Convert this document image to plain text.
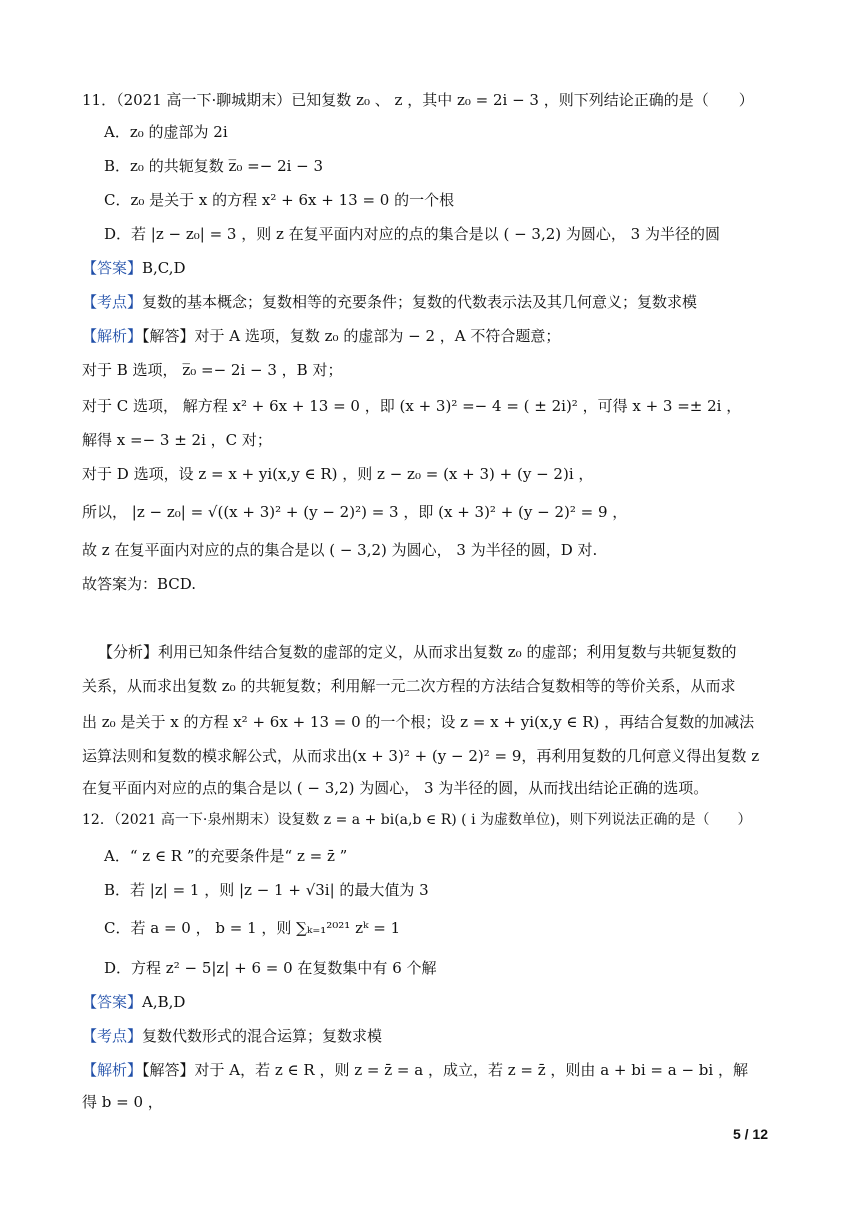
11．（2021 高一下·聊城期末）已知复数 z₀ 、 z ，其中 z₀ = 2i − 3 ，则下列结论正确的是（　　）
A．z₀ 的虚部为 2i
B．z₀ 的共轭复数 z̅₀ =− 2i − 3
C．z₀ 是关于 x 的方程 x² + 6x + 13 = 0 的一个根
D．若 |z − z₀| = 3 ，则 z 在复平面内对应的点的集合是以 ( − 3,2) 为圆心， 3 为半径的圆
【答案】B,C,D
【考点】复数的基本概念；复数相等的充要条件；复数的代数表示法及其几何意义；复数求模
【解析】【解答】对于 A 选项，复数 z₀ 的虚部为 − 2 ，A 不符合题意；
对于 B 选项， z̅₀ =− 2i − 3 ，B 对；
对于 C 选项， 解方程 x² + 6x + 13 = 0 ，即 (x + 3)² =− 4 = ( ± 2i)² ，可得 x + 3 =± 2i ，
解得 x =− 3 ± 2i ，C 对；
对于 D 选项，设 z = x + yi(x,y ∈ R) ，则 z − z₀ = (x + 3) + (y − 2)i ，
所以， |z − z₀| = √((x + 3)² + (y − 2)²) = 3 ，即 (x + 3)² + (y − 2)² = 9 ，
故 z 在复平面内对应的点的集合是以 ( − 3,2) 为圆心， 3 为半径的圆，D 对.
故答案为：BCD.
【分析】利用已知条件结合复数的虚部的定义，从而求出复数 z₀ 的虚部；利用复数与共轭复数的
关系，从而求出复数 z₀ 的共轭复数；利用解一元二次方程的方法结合复数相等的等价关系，从而求
出 z₀ 是关于 x 的方程 x² + 6x + 13 = 0 的一个根；设 z = x + yi(x,y ∈ R) ，再结合复数的加减法
运算法则和复数的模求解公式，从而求出(x + 3)² + (y − 2)² = 9，再利用复数的几何意义得出复数 z
在复平面内对应的点的集合是以 ( − 3,2) 为圆心， 3 为半径的圆，从而找出结论正确的选项。
12．（2021 高一下·泉州期末）设复数 z = a + bi(a,b ∈ R) ( i 为虚数单位)，则下列说法正确的是（　　）
A．“ z ∈ R ”的充要条件是“ z = z̄ ”
B．若 |z| = 1 ，则 |z − 1 + √3i| 的最大值为 3
C．若 a = 0 ， b = 1 ，则 ∑ₖ₌₁²⁰²¹ zᵏ = 1
D．方程 z² − 5|z| + 6 = 0 在复数集中有 6 个解
【答案】A,B,D
【考点】复数代数形式的混合运算；复数求模
【解析】【解答】对于 A，若 z ∈ R ，则 z = z̄ = a ，成立，若 z = z̄ ，则由 a + bi = a − bi ，解
得 b = 0 ，
5 / 12
